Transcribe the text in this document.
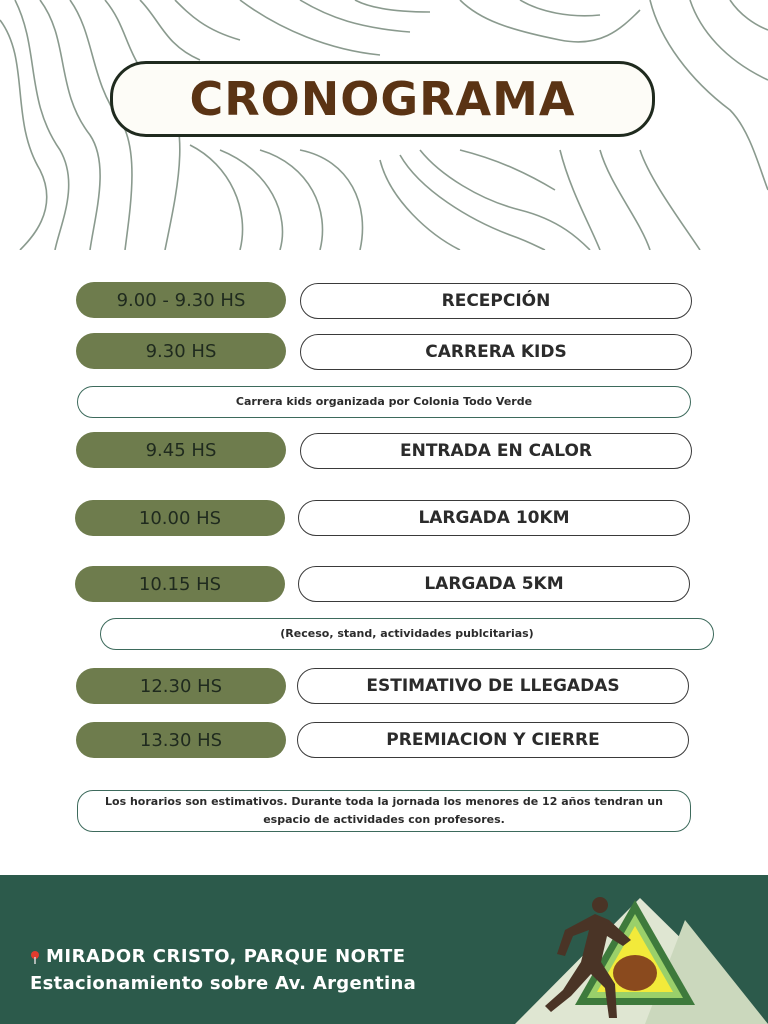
CRONOGRAMA
9.00 - 9.30 HS	RECEPCIÓN
9.30 HS	CARRERA KIDS
Carrera kids organizada por Colonia Todo Verde
9.45 HS	ENTRADA EN CALOR
10.00 HS	LARGADA 10KM
10.15 HS	LARGADA 5KM
(Receso, stand, actividades publcitarias)
12.30 HS	ESTIMATIVO DE LLEGADAS
13.30 HS	PREMIACION Y CIERRE
Los horarios son estimativos. Durante toda la jornada los menores de 12 años tendran un espacio de actividades con profesores.
MIRADOR CRISTO, PARQUE NORTE
Estacionamiento sobre Av. Argentina
